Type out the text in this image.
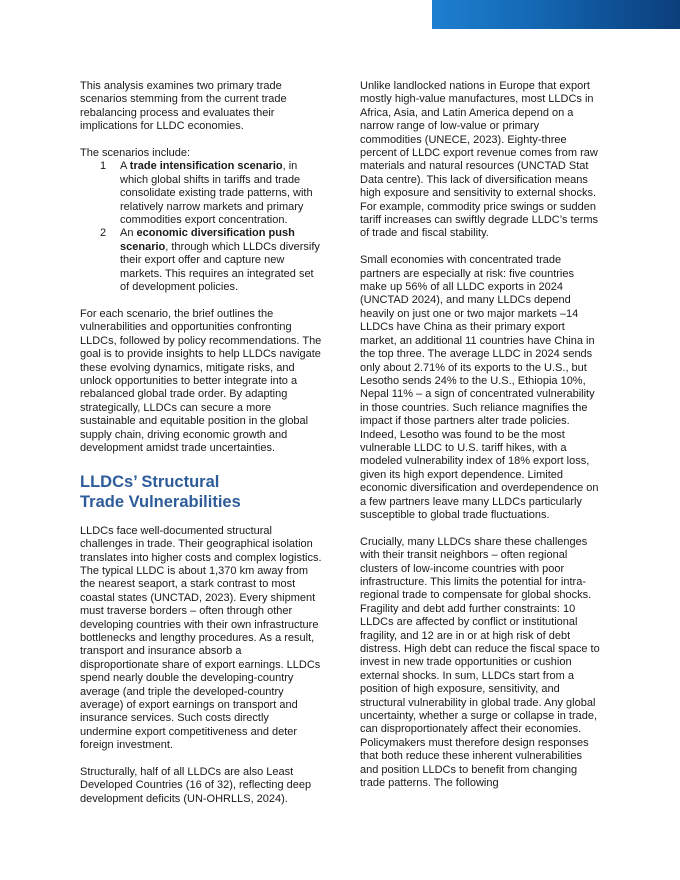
This analysis examines two primary trade scenarios stemming from the current trade rebalancing process and evaluates their implications for LLDC economies.

The scenarios include:

1 A trade intensification scenario, in which global shifts in tariffs and trade consolidate existing trade patterns, with relatively narrow markets and primary commodities export concentration.
2 An economic diversification push scenario, through which LLDCs diversify their export offer and capture new markets. This requires an integrated set of development policies.

For each scenario, the brief outlines the vulnerabilities and opportunities confronting LLDCs, followed by policy recommendations. The goal is to provide insights to help LLDCs navigate these evolving dynamics, mitigate risks, and unlock opportunities to better integrate into a rebalanced global trade order. By adapting strategically, LLDCs can secure a more sustainable and equitable position in the global supply chain, driving economic growth and development amidst trade uncertainties.

LLDCs’ Structural
Trade Vulnerabilities

LLDCs face well-documented structural challenges in trade. Their geographical isolation translates into higher costs and complex logistics. The typical LLDC is about 1,370 km away from the nearest seaport, a stark contrast to most coastal states (UNCTAD, 2023). Every shipment must traverse borders – often through other developing countries with their own infrastructure bottlenecks and lengthy procedures. As a result, transport and insurance absorb a disproportionate share of export earnings. LLDCs spend nearly double the developing-country average (and triple the developed-country average) of export earnings on transport and insurance services. Such costs directly undermine export competitiveness and deter foreign investment.

Structurally, half of all LLDCs are also Least Developed Countries (16 of 32), reflecting deep development deficits (UN-OHRLLS, 2024).

Unlike landlocked nations in Europe that export mostly high-value manufactures, most LLDCs in Africa, Asia, and Latin America depend on a narrow range of low-value or primary commodities (UNECE, 2023). Eighty-three percent of LLDC export revenue comes from raw materials and natural resources (UNCTAD Stat Data centre). This lack of diversification means high exposure and sensitivity to external shocks. For example, commodity price swings or sudden tariff increases can swiftly degrade LLDC’s terms of trade and fiscal stability.

Small economies with concentrated trade partners are especially at risk: five countries make up 56% of all LLDC exports in 2024 (UNCTAD 2024), and many LLDCs depend heavily on just one or two major markets –14 LLDCs have China as their primary export market, an additional 11 countries have China in the top three. The average LLDC in 2024 sends only about 2.71% of its exports to the U.S., but Lesotho sends 24% to the U.S., Ethiopia 10%, Nepal 11% – a sign of concentrated vulnerability in those countries. Such reliance magnifies the impact if those partners alter trade policies. Indeed, Lesotho was found to be the most vulnerable LLDC to U.S. tariff hikes, with a modeled vulnerability index of 18% export loss, given its high export dependence. Limited economic diversification and overdependence on a few partners leave many LLDCs particularly susceptible to global trade fluctuations.

Crucially, many LLDCs share these challenges with their transit neighbors – often regional clusters of low-income countries with poor infrastructure. This limits the potential for intra-regional trade to compensate for global shocks. Fragility and debt add further constraints: 10 LLDCs are affected by conflict or institutional fragility, and 12 are in or at high risk of debt distress. High debt can reduce the fiscal space to invest in new trade opportunities or cushion external shocks. In sum, LLDCs start from a position of high exposure, sensitivity, and structural vulnerability in global trade. Any global uncertainty, whether a surge or collapse in trade, can disproportionately affect their economies. Policymakers must therefore design responses that both reduce these inherent vulnerabilities and position LLDCs to benefit from changing trade patterns. The following
